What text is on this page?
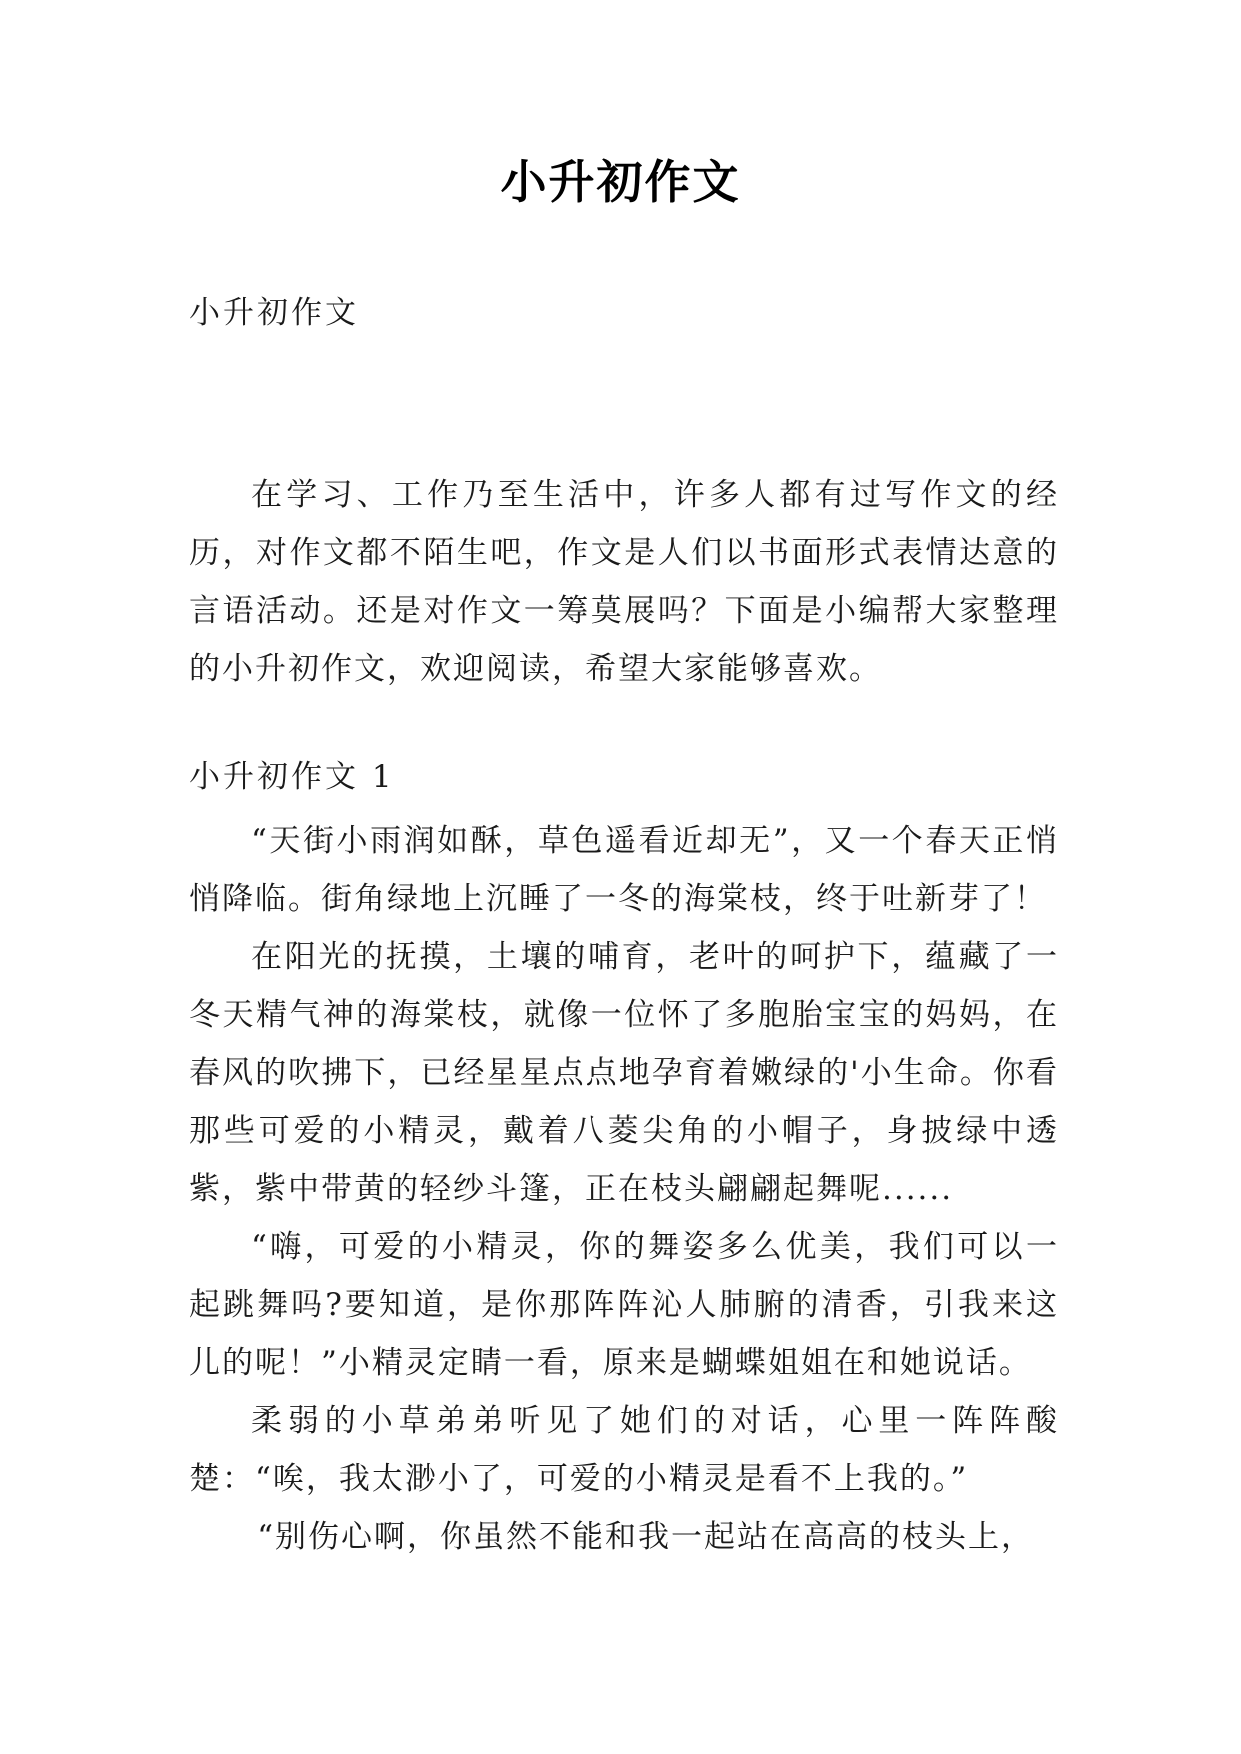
小升初作文
小升初作文

在学习、工作乃至生活中，许多人都有过写作文的经历，对作文都不陌生吧，作文是人们以书面形式表情达意的言语活动。还是对作文一筹莫展吗？下面是小编帮大家整理的小升初作文，欢迎阅读，希望大家能够喜欢。

小升初作文 1

“天街小雨润如酥，草色遥看近却无”，又一个春天正悄悄降临。街角绿地上沉睡了一冬的海棠枝，终于吐新芽了！

在阳光的抚摸，土壤的哺育，老叶的呵护下，蕴藏了一冬天精气神的海棠枝，就像一位怀了多胞胎宝宝的妈妈，在春风的吹拂下，已经星星点点地孕育着嫩绿的'小生命。你看那些可爱的小精灵，戴着八菱尖角的小帽子，身披绿中透紫，紫中带黄的轻纱斗篷，正在枝头翩翩起舞呢......

“嗨，可爱的小精灵，你的舞姿多么优美，我们可以一起跳舞吗?要知道，是你那阵阵沁人肺腑的清香，引我来这儿的呢！”小精灵定睛一看，原来是蝴蝶姐姐在和她说话。

柔弱的小草弟弟听见了她们的对话，心里一阵阵酸楚：“唉，我太渺小了，可爱的小精灵是看不上我的。”

“别伤心啊，你虽然不能和我一起站在高高的枝头上，
